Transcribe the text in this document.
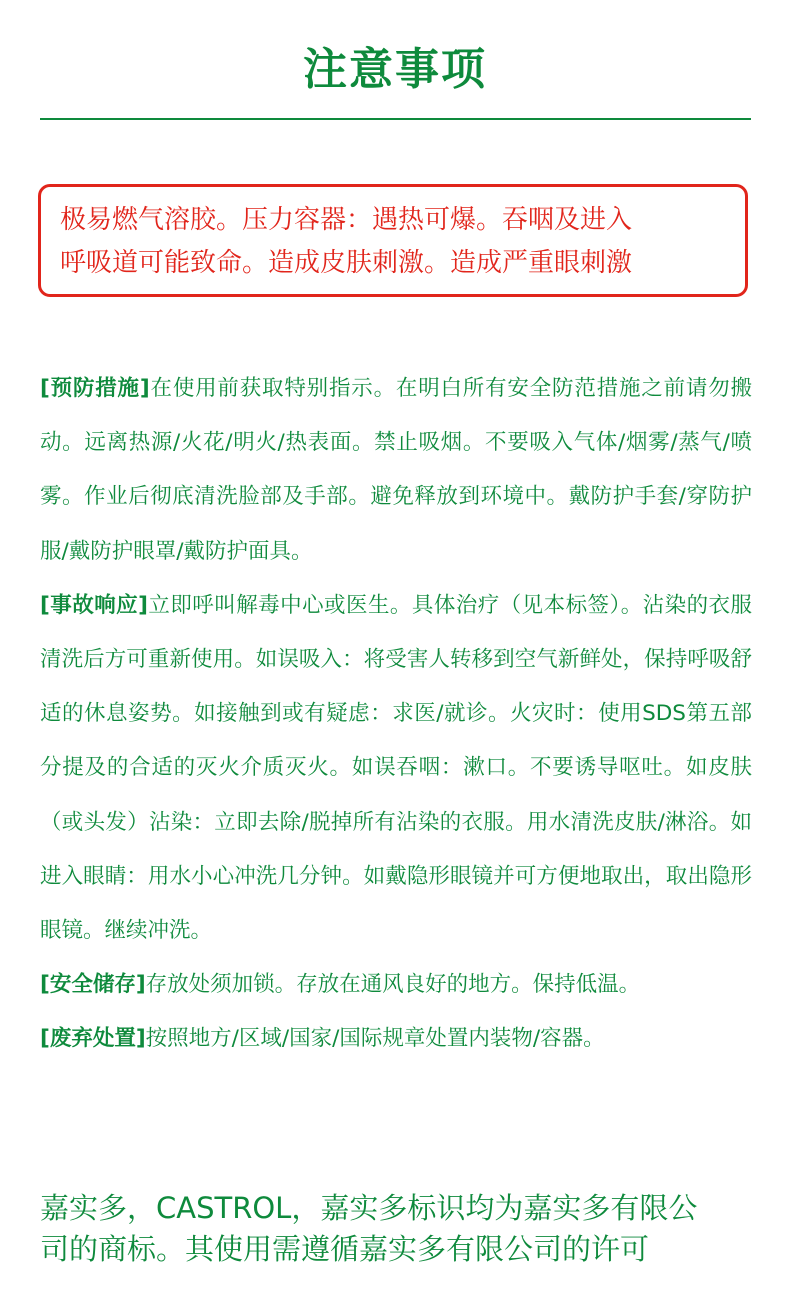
注意事项
极易燃气溶胶。压力容器：遇热可爆。吞咽及进入
呼吸道可能致命。造成皮肤刺激。造成严重眼刺激
[预防措施]在使用前获取特别指示。在明白所有安全防范措施之前请勿搬动。远离热源/火花/明火/热表面。禁止吸烟。不要吸入气体/烟雾/蒸气/喷雾。作业后彻底清洗脸部及手部。避免释放到环境中。戴防护手套/穿防护服/戴防护眼罩/戴防护面具。
[事故响应]立即呼叫解毒中心或医生。具体治疗（见本标签）。沾染的衣服清洗后方可重新使用。如误吸入：将受害人转移到空气新鲜处，保持呼吸舒适的休息姿势。如接触到或有疑虑：求医/就诊。火灾时：使用SDS第五部分提及的合适的灭火介质灭火。如误吞咽：漱口。不要诱导呕吐。如皮肤（或头发）沾染：立即去除/脱掉所有沾染的衣服。用水清洗皮肤/淋浴。如进入眼睛：用水小心冲洗几分钟。如戴隐形眼镜并可方便地取出，取出隐形眼镜。继续冲洗。
[安全储存]存放处须加锁。存放在通风良好的地方。保持低温。
[废弃处置]按照地方/区域/国家/国际规章处置内装物/容器。
嘉实多，CASTROL，嘉实多标识均为嘉实多有限公
司的商标。其使用需遵循嘉实多有限公司的许可
